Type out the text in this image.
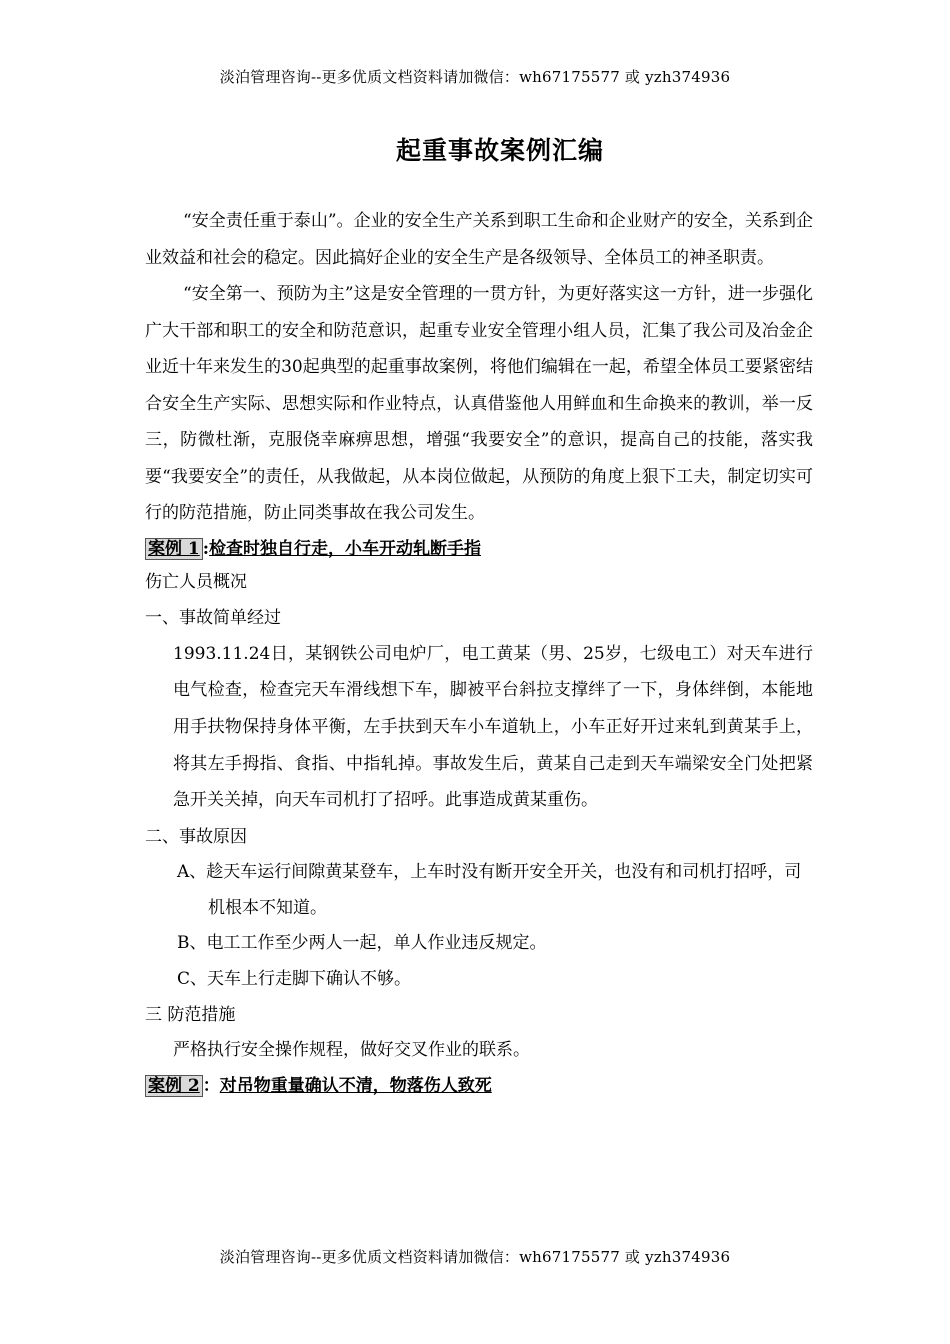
淡泊管理咨询--更多优质文档资料请加微信：wh67175577 或 yzh374936
起重事故案例汇编

“安全责任重于泰山”。企业的安全生产关系到职工生命和企业财产的安全，关系到企业效益和社会的稳定。因此搞好企业的安全生产是各级领导、全体员工的神圣职责。

“安全第一、预防为主”这是安全管理的一贯方针，为更好落实这一方针，进一步强化广大干部和职工的安全和防范意识，起重专业安全管理小组人员，汇集了我公司及冶金企业近十年来发生的30起典型的起重事故案例，将他们编辑在一起，希望全体员工要紧密结合安全生产实际、思想实际和作业特点，认真借鉴他人用鲜血和生命换来的教训，举一反三，防微杜渐，克服侥幸麻痹思想，增强“我要安全”的意识，提高自己的技能，落实我要“我要安全”的责任，从我做起，从本岗位做起，从预防的角度上狠下工夫，制定切实可行的防范措施，防止同类事故在我公司发生。

案例 1 :检查时独自行走，小车开动轧断手指
伤亡人员概况
一、事故简单经过
1993.11.24日，某钢铁公司电炉厂，电工黄某（男、25岁，七级电工）对天车进行电气检查，检查完天车滑线想下车，脚被平台斜拉支撑绊了一下，身体绊倒，本能地用手扶物保持身体平衡，左手扶到天车小车道轨上，小车正好开过来轧到黄某手上，将其左手拇指、食指、中指轧掉。事故发生后，黄某自己走到天车端梁安全门处把紧急开关关掉，向天车司机打了招呼。此事造成黄某重伤。
二、事故原因
A、趁天车运行间隙黄某登车，上车时没有断开安全开关，也没有和司机打招呼，司机根本不知道。
B、电工工作至少两人一起，单人作业违反规定。
C、天车上行走脚下确认不够。
三 防范措施
严格执行安全操作规程，做好交叉作业的联系。
案例 2 ：对吊物重量确认不清，物落伤人致死
淡泊管理咨询--更多优质文档资料请加微信：wh67175577 或 yzh374936
